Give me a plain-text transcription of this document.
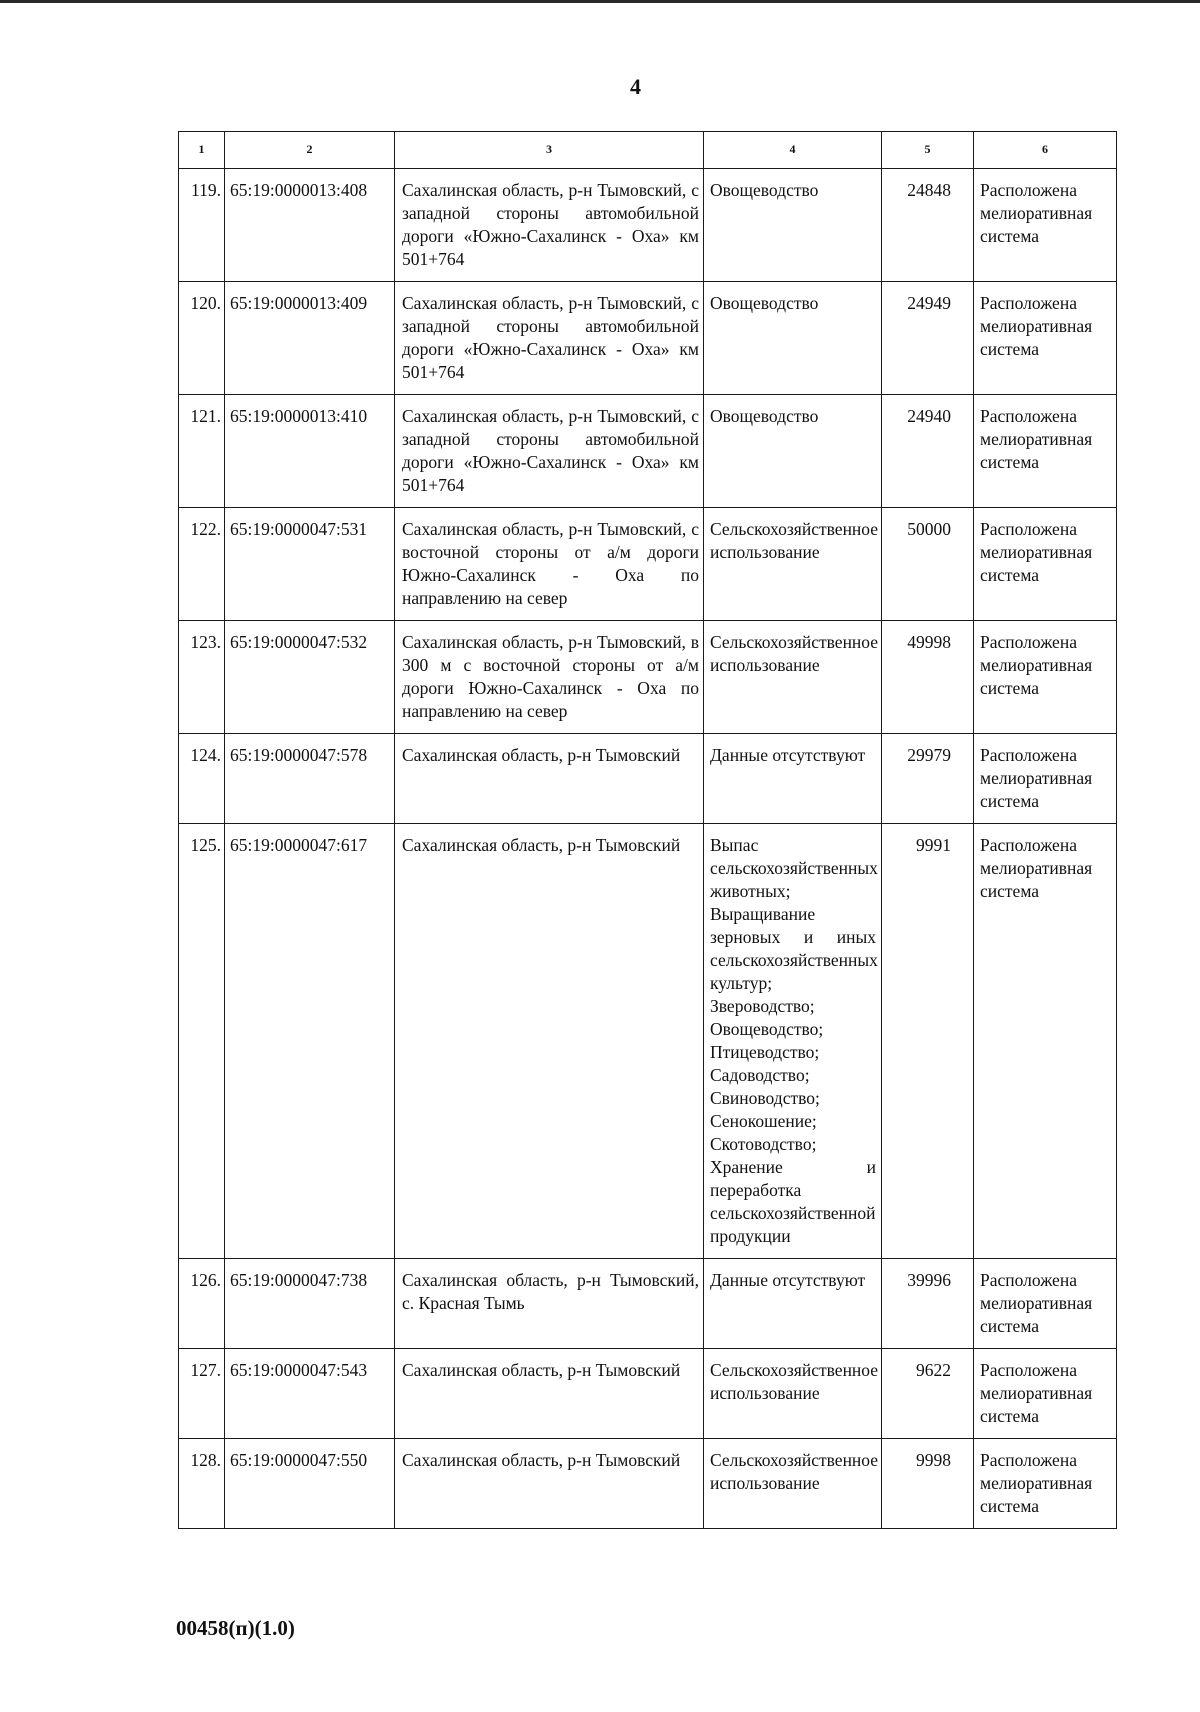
4
1	2	3	4	5	6
119.	65:19:0000013:408	Сахалинская область, р-н Тымовский, с западной стороны автомобильной дороги «Южно-Сахалинск - Оха» км 501+764	Овощеводство	24848	Расположена мелиоративная система
120.	65:19:0000013:409	Сахалинская область, р-н Тымовский, с западной стороны автомобильной дороги «Южно-Сахалинск - Оха» км 501+764	Овощеводство	24949	Расположена мелиоративная система
121.	65:19:0000013:410	Сахалинская область, р-н Тымовский, с западной стороны автомобильной дороги «Южно-Сахалинск - Оха» км 501+764	Овощеводство	24940	Расположена мелиоративная система
122.	65:19:0000047:531	Сахалинская область, р-н Тымовский, с восточной стороны от а/м дороги Южно-Сахалинск - Оха по направлению на север	Сельскохозяйственное использование	50000	Расположена мелиоративная система
123.	65:19:0000047:532	Сахалинская область, р-н Тымовский, в 300 м с восточной стороны от а/м дороги Южно-Сахалинск - Оха по направлению на север	Сельскохозяйственное использование	49998	Расположена мелиоративная система
124.	65:19:0000047:578	Сахалинская область, р-н Тымовский	Данные отсутствуют	29979	Расположена мелиоративная система
125.	65:19:0000047:617	Сахалинская область, р-н Тымовский	Выпас сельскохозяйственных животных; Выращивание зерновых и иных сельскохозяйственных культур; Звероводство; Овощеводство; Птицеводство; Садоводство; Свиноводство; Сенокошение; Скотоводство; Хранение и переработка сельскохозяйственной продукции	9991	Расположена мелиоративная система
126.	65:19:0000047:738	Сахалинская область, р-н Тымовский, с. Красная Тымь	Данные отсутствуют	39996	Расположена мелиоративная система
127.	65:19:0000047:543	Сахалинская область, р-н Тымовский	Сельскохозяйственное использование	9622	Расположена мелиоративная система
128.	65:19:0000047:550	Сахалинская область, р-н Тымовский	Сельскохозяйственное использование	9998	Расположена мелиоративная система
00458(п)(1.0)
